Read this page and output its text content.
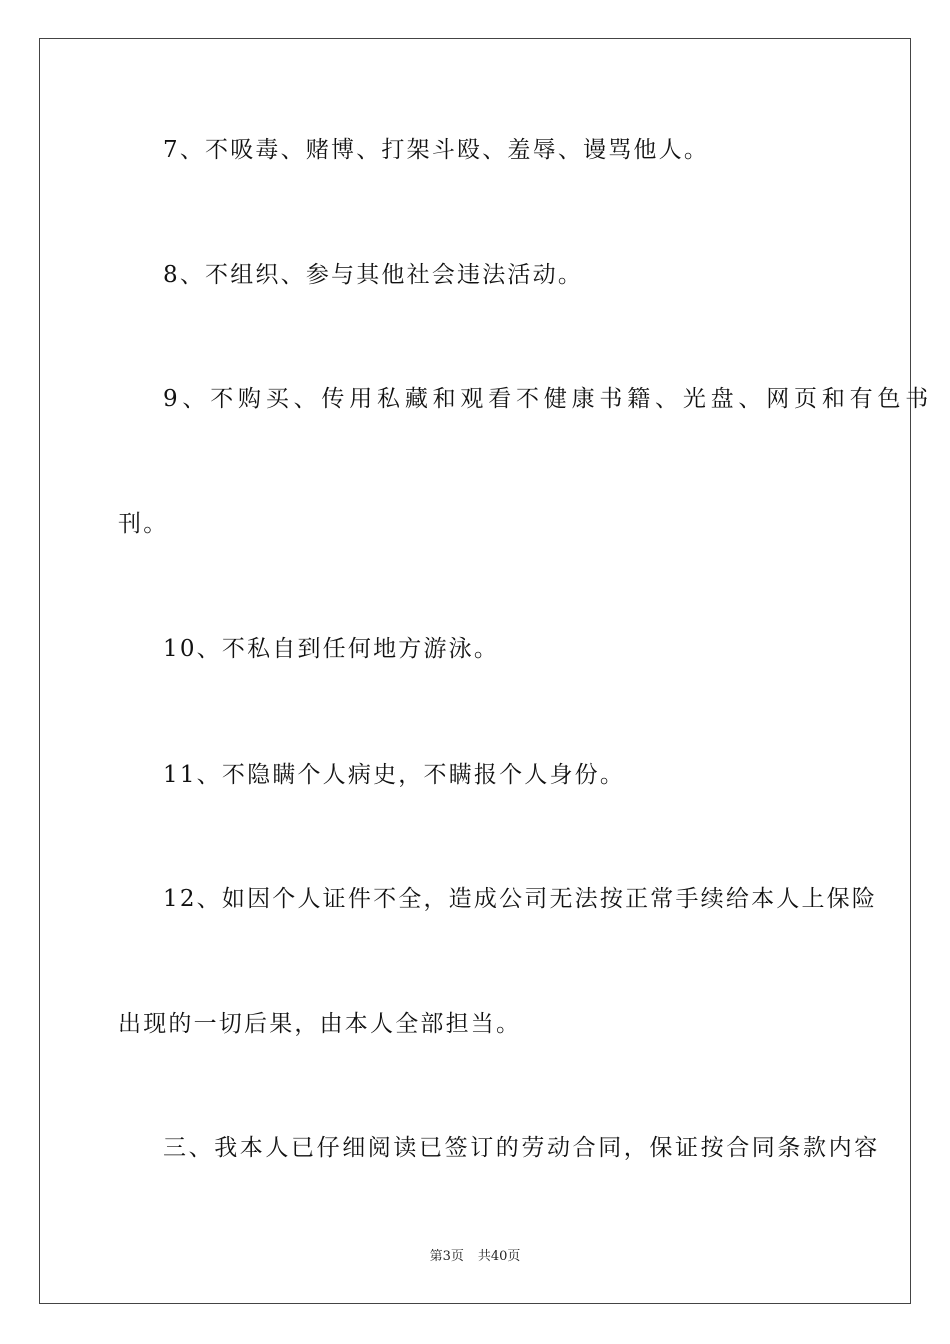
7、不吸毒、赌博、打架斗殴、羞辱、谩骂他人。
8、不组织、参与其他社会违法活动。
9、不购买、传用私藏和观看不健康书籍、光盘、网页和有色书
刊。
10、不私自到任何地方游泳。
11、不隐瞒个人病史，不瞒报个人身份。
12、如因个人证件不全，造成公司无法按正常手续给本人上保险
出现的一切后果，由本人全部担当。
三、我本人已仔细阅读已签订的劳动合同，保证按合同条款内容
第3页 共40页
